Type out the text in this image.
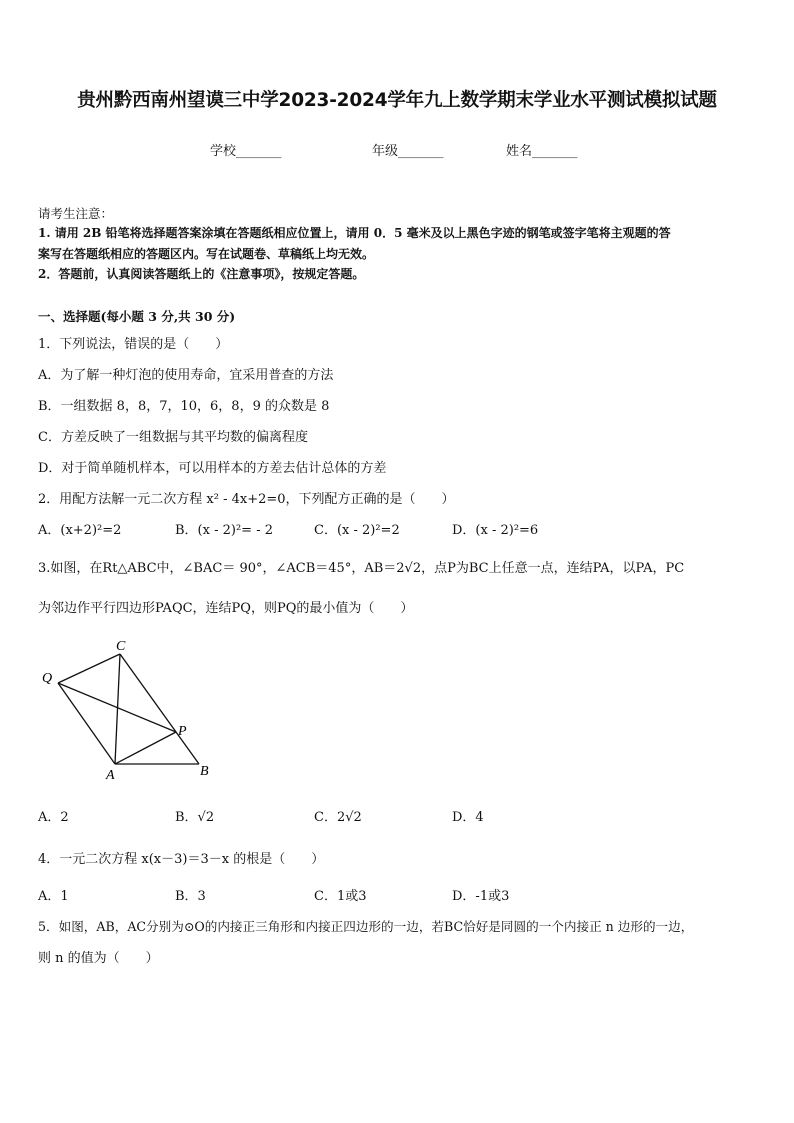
贵州黔西南州望谟三中学2023-2024学年九上数学期末学业水平测试模拟试题
学校_______	年级_______	姓名_______
请考生注意：
1. 请用 2B 铅笔将选择题答案涂填在答题纸相应位置上，请用 0．5 毫米及以上黑色字迹的钢笔或签字笔将主观题的答
案写在答题纸相应的答题区内。写在试题卷、草稿纸上均无效。
2．答题前，认真阅读答题纸上的《注意事项》，按规定答题。
一、选择题(每小题 3 分,共 30 分)
1．下列说法，错误的是（　　）
A．为了解一种灯泡的使用寿命，宜采用普查的方法
B．一组数据 8，8，7，10，6，8，9 的众数是 8
C．方差反映了一组数据与其平均数的偏离程度
D．对于简单随机样本，可以用样本的方差去估计总体的方差
2．用配方法解一元二次方程 x² - 4x+2=0，下列配方正确的是（　　）
A．(x+2)²=2	B．(x - 2)²= - 2	C．(x - 2)²=2	D．(x - 2)²=6
3.如图，在Rt△ABC中，∠BAC＝ 90°，∠ACB＝45°，AB＝2√2，点P为BC上任意一点，连结PA，以PA，PC
为邻边作平行四边形PAQC，连结PQ，则PQ的最小值为（　　）
Q
C
P
A	B
A．2	B．√2	C．2√2	D．4
4．一元二次方程 x(x－3)＝3－x 的根是（　　）
A．1	B．3	C．1或3	D．-1或3
5．如图，AB，AC分别为⊙O的内接正三角形和内接正四边形的一边，若BC恰好是同圆的一个内接正 n 边形的一边，
则 n 的值为（　　）
